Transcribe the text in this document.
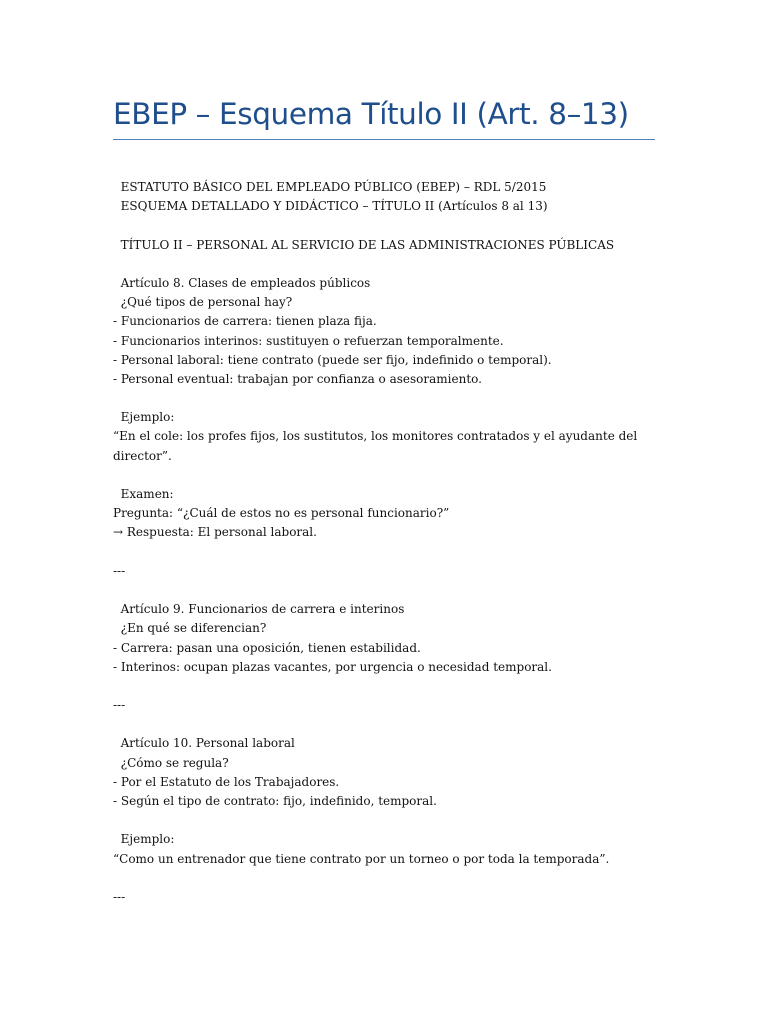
EBEP – Esquema Título II (Art. 8–13)
ESTATUTO BÁSICO DEL EMPLEADO PÚBLICO (EBEP) – RDL 5/2015
ESQUEMA DETALLADO Y DIDÁCTICO – TÍTULO II (Artículos 8 al 13)

TÍTULO II – PERSONAL AL SERVICIO DE LAS ADMINISTRACIONES PÚBLICAS

Artículo 8. Clases de empleados públicos
¿Qué tipos de personal hay?
- Funcionarios de carrera: tienen plaza fija.
- Funcionarios interinos: sustituyen o refuerzan temporalmente.
- Personal laboral: tiene contrato (puede ser fijo, indefinido o temporal).
- Personal eventual: trabajan por confianza o asesoramiento.

Ejemplo:
“En el cole: los profes fijos, los sustitutos, los monitores contratados y el ayudante del
director”.

Examen:
Pregunta: “¿Cuál de estos no es personal funcionario?”
→ Respuesta: El personal laboral.

---

Artículo 9. Funcionarios de carrera e interinos
¿En qué se diferencian?
- Carrera: pasan una oposición, tienen estabilidad.
- Interinos: ocupan plazas vacantes, por urgencia o necesidad temporal.

---

Artículo 10. Personal laboral
¿Cómo se regula?
- Por el Estatuto de los Trabajadores.
- Según el tipo de contrato: fijo, indefinido, temporal.

Ejemplo:
“Como un entrenador que tiene contrato por un torneo o por toda la temporada”.

---
